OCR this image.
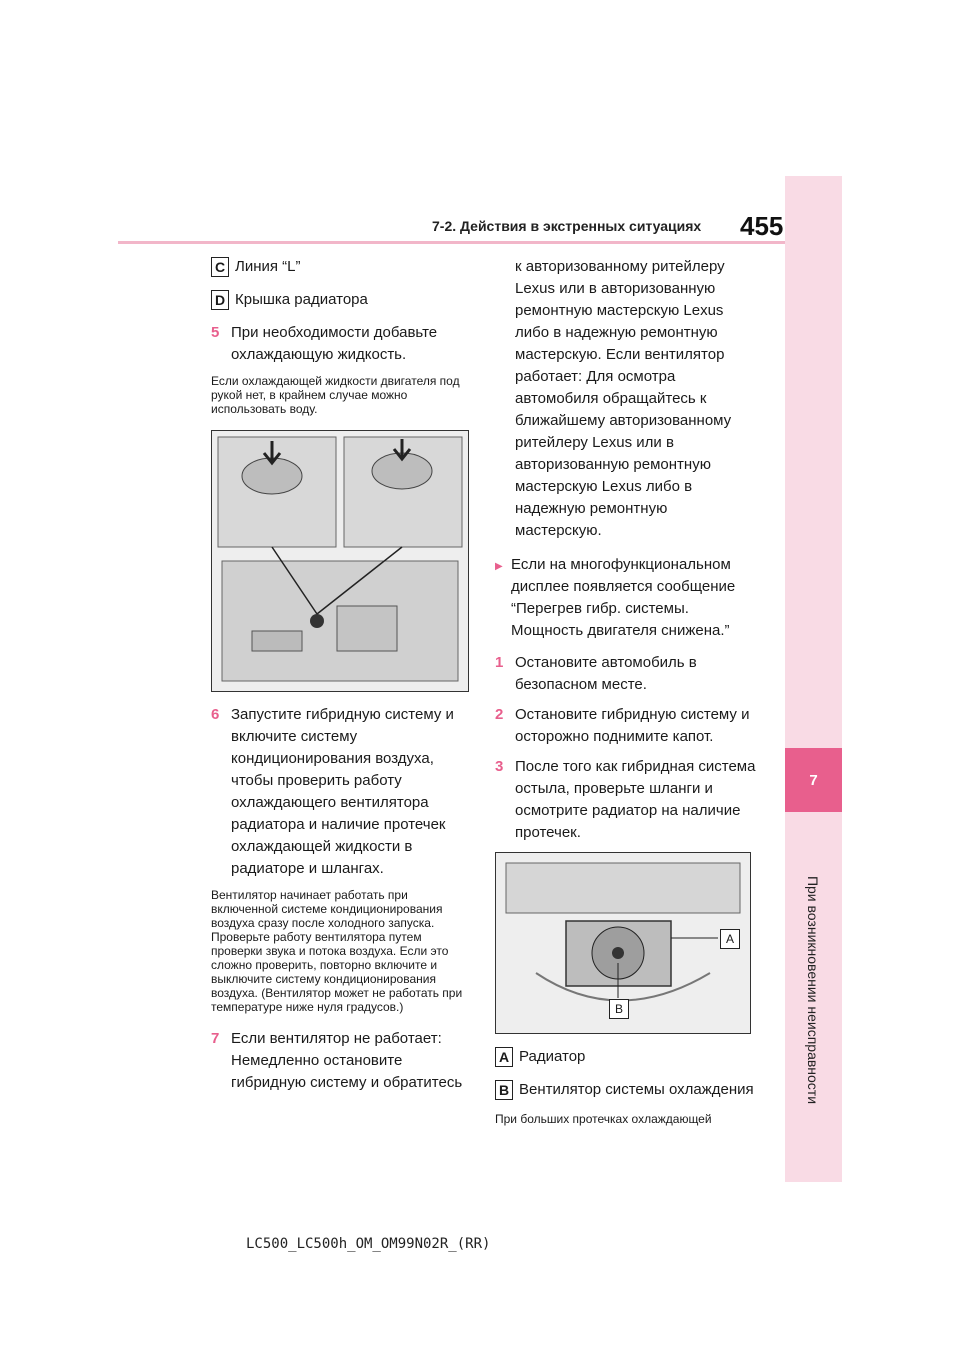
7-2. Действия в экстренных ситуациях 455
7
При возникновении неисправности
C Линия “L”
D Крышка радиатора
5 При необходимости добавьте охлаждающую жидкость.
Если охлаждающей жидкости двигателя под рукой нет, в крайнем случае можно использовать воду.
6 Запустите гибридную систему и включите систему кондиционирования воздуха, чтобы проверить работу охлаждающего вентилятора радиатора и наличие протечек охлаждающей жидкости в радиаторе и шлангах.
Вентилятор начинает работать при включенной системе кондиционирования воздуха сразу после холодного запуска. Проверьте работу вентилятора путем проверки звука и потока воздуха. Если это сложно проверить, повторно включите и выключите систему кондиционирования воздуха. (Вентилятор может не работать при температуре ниже нуля градусов.)
7 Если вентилятор не работает: Немедленно остановите гибридную систему и обратитесь
к авторизованному ритейлеру Lexus или в авторизованную ремонтную мастерскую Lexus либо в надежную ремонтную мастерскую. Если вентилятор работает: Для осмотра автомобиля обращайтесь к ближайшему авторизованному ритейлеру Lexus или в авторизованную ремонтную мастерскую Lexus либо в надежную ремонтную мастерскую.
▶ Если на многофункциональном дисплее появляется сообщение “Перегрев гибр. системы. Мощность двигателя снижена.”
1 Остановите автомобиль в безопасном месте.
2 Остановите гибридную систему и осторожно поднимите капот.
3 После того как гибридная система остыла, проверьте шланги и осмотрите радиатор на наличие протечек.
A
B
A Радиатор
B Вентилятор системы охлаждения
При больших протечках охлаждающей
LC500_LC500h_OM_OM99N02R_(RR)
